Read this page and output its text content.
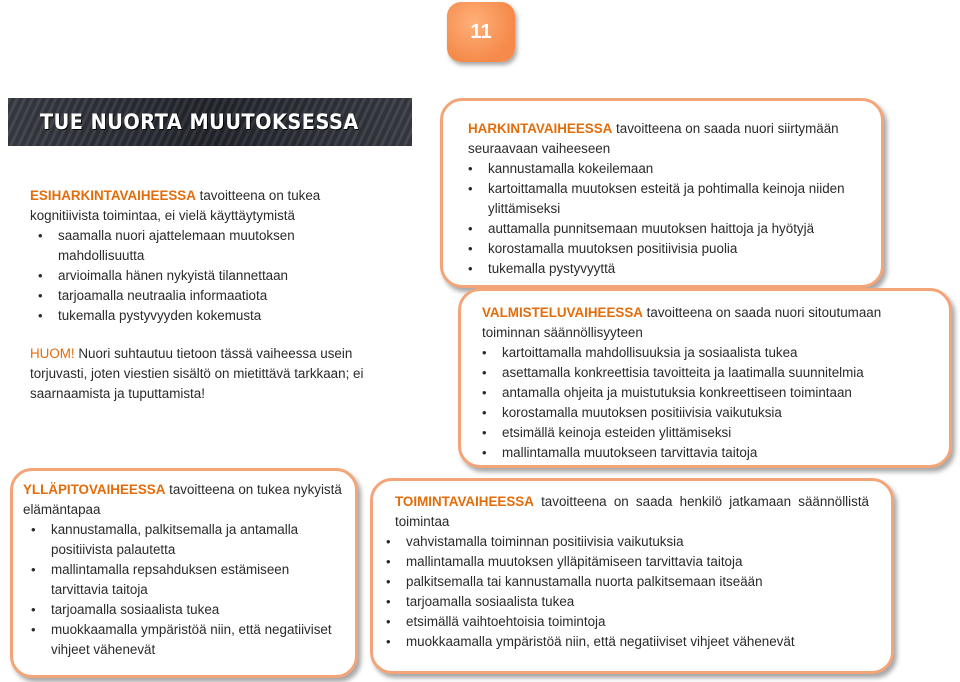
11
TUE NUORTA MUUTOKSESSA

ESIHARKINTAVAIHEESSA tavoitteena on tukea kognitiivista toimintaa, ei vielä käyttäytymistä

• saamalla nuori ajattelemaan muutoksen mahdollisuutta
• arvioimalla hänen nykyistä tilannettaan
• tarjoamalla neutraalia informaatiota
• tukemalla pystyvyyden kokemusta

HUOM! Nuori suhtautuu tietoon tässä vaiheessa usein torjuvasti, joten viestien sisältö on mietittävä tarkkaan; ei saarnaamista ja tuputtamista!

HARKINTAVAIHEESSA tavoitteena on saada nuori siirtymään seuraavaan vaiheeseen

• kannustamalla kokeilemaan
• kartoittamalla muutoksen esteitä ja pohtimalla keinoja niiden ylittämiseksi
• auttamalla punnitsemaan muutoksen haittoja ja hyötyjä
• korostamalla muutoksen positiivisia puolia
• tukemalla pystyvyyttä

VALMISTELUVAIHEESSA tavoitteena on saada nuori sitoutumaan toiminnan säännöllisyyteen

• kartoittamalla mahdollisuuksia ja sosiaalista tukea
• asettamalla konkreettisia tavoitteita ja laatimalla suunnitelmia
• antamalla ohjeita ja muistutuksia konkreettiseen toimintaan
• korostamalla muutoksen positiivisia vaikutuksia
• etsimällä keinoja esteiden ylittämiseksi
• mallintamalla muutokseen tarvittavia taitoja

YLLÄPITOVAIHEESSA tavoitteena on tukea nykyistä elämäntapaa

• kannustamalla, palkitsemalla ja antamalla positiivista palautetta
• mallintamalla repsahduksen estämiseen tarvittavia taitoja
• tarjoamalla sosiaalista tukea
• muokkaamalla ympäristöä niin, että negatiiviset vihjeet vähenevät

TOIMINTAVAIHEESSA tavoitteena on saada henkilö jatkamaan säännöllistä toimintaa

• vahvistamalla toiminnan positiivisia vaikutuksia
• mallintamalla muutoksen ylläpitämiseen tarvittavia taitoja
• palkitsemalla tai kannustamalla nuorta palkitsemaan itseään
• tarjoamalla sosiaalista tukea
• etsimällä vaihtoehtoisia toimintoja
• muokkaamalla ympäristöä niin, että negatiiviset vihjeet vähenevät
